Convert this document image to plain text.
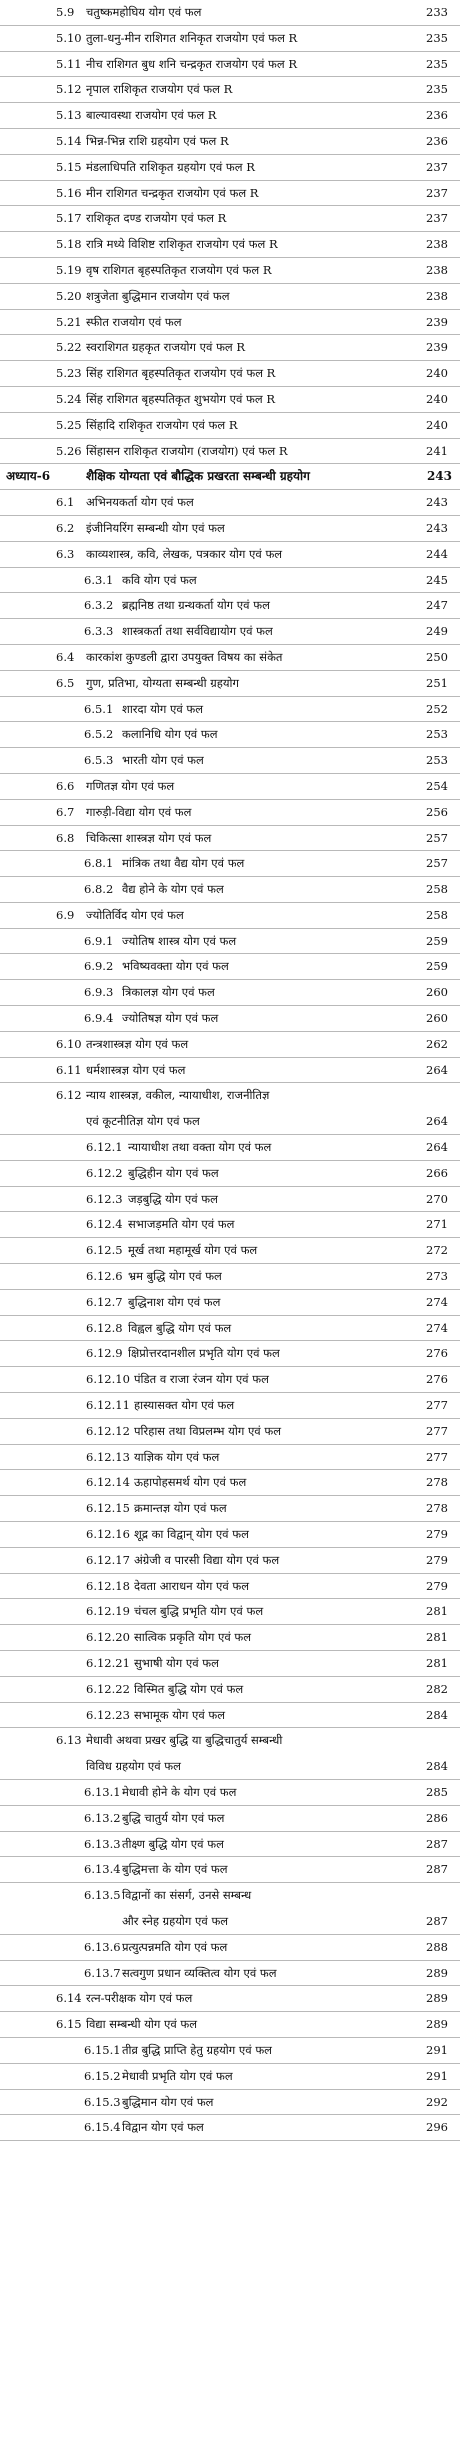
5.9 चतुष्कमहोघिय योग एवं फल	233
5.10 तुला-धनु-मीन राशिगत शनिकृत राजयोग एवं फल R	235
5.11 नीच राशिगत बुध शनि चन्द्रकृत राजयोग एवं फल R	235
5.12 नृपाल राशिकृत राजयोग एवं फल R	235
5.13 बाल्यावस्था राजयोग एवं फल R	236
5.14 भिन्न-भिन्न राशि ग्रहयोग एवं फल R	236
5.15 मंडलाधिपति राशिकृत ग्रहयोग एवं फल R	237
5.16 मीन राशिगत चन्द्रकृत राजयोग एवं फल R	237
5.17 राशिकृत दण्ड राजयोग एवं फल R	237
5.18 रात्रि मध्ये विशिष्ट राशिकृत राजयोग एवं फल R	238
5.19 वृष राशिगत बृहस्पतिकृत राजयोग एवं फल R	238
5.20 शत्रुजेता बुद्धिमान राजयोग एवं फल	238
5.21 स्फीत राजयोग एवं फल	239
5.22 स्वराशिगत ग्रहकृत राजयोग एवं फल R	239
5.23 सिंह राशिगत बृहस्पतिकृत राजयोग एवं फल R	240
5.24 सिंह राशिगत बृहस्पतिकृत शुभयोग एवं फल R	240
5.25 सिंहादि राशिकृत राजयोग एवं फल R	240
5.26 सिंहासन राशिकृत राजयोग (राजयोग) एवं फल R	241
अध्याय-6	शैक्षिक योग्यता एवं बौद्धिक प्रखरता सम्बन्धी ग्रहयोग	243
6.1 अभिनयकर्ता योग एवं फल	243
6.2 इंजीनियरिंग सम्बन्धी योग एवं फल	243
6.3 काव्यशास्त्र, कवि, लेखक, पत्रकार योग एवं फल	244
6.3.1 कवि योग एवं फल	245
6.3.2 ब्रह्मनिष्ठ तथा ग्रन्थकर्ता योग एवं फल	247
6.3.3 शास्त्रकर्ता तथा सर्वविद्यायोग एवं फल	249
6.4 कारकांश कुण्डली द्वारा उपयुक्त विषय का संकेत	250
6.5 गुण, प्रतिभा, योग्यता सम्बन्धी ग्रहयोग	251
6.5.1 शारदा योग एवं फल	252
6.5.2 कलानिधि योग एवं फल	253
6.5.3 भारती योग एवं फल	253
6.6 गणितज्ञ योग एवं फल	254
6.7 गारुड़ी-विद्या योग एवं फल	256
6.8 चिकित्सा शास्त्रज्ञ योग एवं फल	257
6.8.1 मांत्रिक तथा वैद्य योग एवं फल	257
6.8.2 वैद्य होने के योग एवं फल	258
6.9 ज्योतिर्विद योग एवं फल	258
6.9.1 ज्योतिष शास्त्र योग एवं फल	259
6.9.2 भविष्यवक्ता योग एवं फल	259
6.9.3 त्रिकालज्ञ योग एवं फल	260
6.9.4 ज्योतिषज्ञ योग एवं फल	260
6.10 तन्त्रशास्त्रज्ञ योग एवं फल	262
6.11 धर्मशास्त्रज्ञ योग एवं फल	264
6.12 न्याय शास्त्रज्ञ, वकील, न्यायाधीश, राजनीतिज्ञ
एवं कूटनीतिज्ञ योग एवं फल	264
6.12.1 न्यायाधीश तथा वक्ता योग एवं फल	264
6.12.2 बुद्धिहीन योग एवं फल	266
6.12.3 जड़बुद्धि योग एवं फल	270
6.12.4 सभाजड़मति योग एवं फल	271
6.12.5 मूर्ख तथा महामूर्ख योग एवं फल	272
6.12.6 भ्रम बुद्धि योग एवं फल	273
6.12.7 बुद्धिनाश योग एवं फल	274
6.12.8 विह्वल बुद्धि योग एवं फल	274
6.12.9 क्षिप्रोत्तरदानशील प्रभृति योग एवं फल	276
6.12.10 पंडित व राजा रंजन योग एवं फल	276
6.12.11 हास्यासक्त योग एवं फल	277
6.12.12 परिहास तथा विप्रलम्भ योग एवं फल	277
6.12.13 याज्ञिक योग एवं फल	277
6.12.14 ऊहापोहसमर्थ योग एवं फल	278
6.12.15 क्रमान्तज्ञ योग एवं फल	278
6.12.16 शूद्र का विद्वान् योग एवं फल	279
6.12.17 अंग्रेजी व पारसी विद्या योग एवं फल	279
6.12.18 देवता आराधन योग एवं फल	279
6.12.19 चंचल बुद्धि प्रभृति योग एवं फल	281
6.12.20 सात्विक प्रकृति योग एवं फल	281
6.12.21 सुभाषी योग एवं फल	281
6.12.22 विस्मित बुद्धि योग एवं फल	282
6.12.23 सभामूक योग एवं फल	284
6.13 मेधावी अथवा प्रखर बुद्धि या बुद्धिचातुर्य सम्बन्धी
विविध ग्रहयोग एवं फल	284
6.13.1 मेधावी होने के योग एवं फल	285
6.13.2 बुद्धि चातुर्य योग एवं फल	286
6.13.3 तीक्ष्ण बुद्धि योग एवं फल	287
6.13.4 बुद्धिमत्ता के योग एवं फल	287
6.13.5 विद्वानों का संसर्ग, उनसे सम्बन्ध
और स्नेह ग्रहयोग एवं फल	287
6.13.6 प्रत्युत्पन्नमति योग एवं फल	288
6.13.7 सत्वगुण प्रधान व्यक्तित्व योग एवं फल	289
6.14 रत्न-परीक्षक योग एवं फल	289
6.15 विद्या सम्बन्धी योग एवं फल	289
6.15.1 तीव्र बुद्धि प्राप्ति हेतु ग्रहयोग एवं फल	291
6.15.2 मेधावी प्रभृति योग एवं फल	291
6.15.3 बुद्धिमान योग एवं फल	292
6.15.4 विद्वान योग एवं फल	296
